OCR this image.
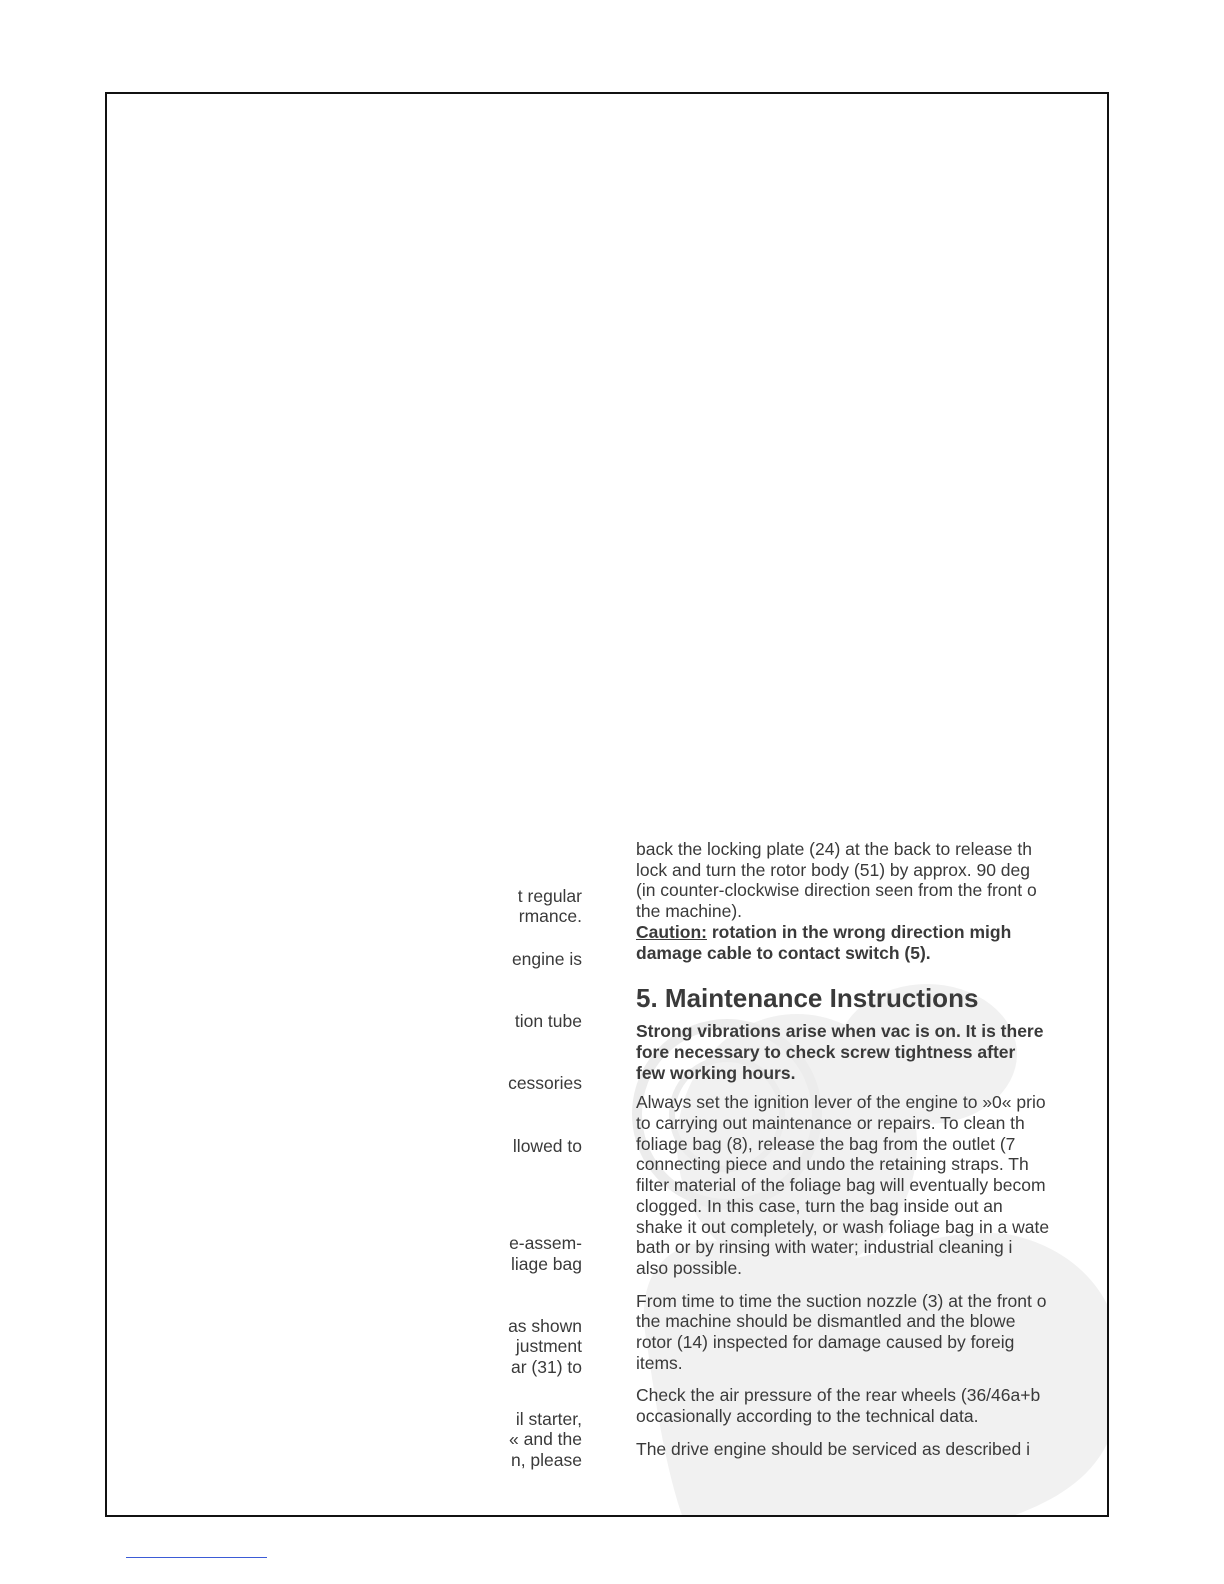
t regular
rmance.
engine is
tion tube
cessories
llowed to
e-assem-
liage bag
as shown
justment
ar (31) to
il starter,
« and the
n, please

back the locking plate (24) at the back to release th

lock and turn the rotor body (51) by approx. 90 deg

(in counter-clockwise direction seen from the front o

the machine).

Caution: rotation in the wrong direction migh

damage cable to contact switch (5).

5. Maintenance Instructions

Strong vibrations arise when vac is on. It is there

fore necessary to check screw tightness after

few working hours.

Always set the ignition lever of the engine to »0« prio

to carrying out maintenance or repairs. To clean th

foliage bag (8), release the bag from the outlet (7

connecting piece and undo the retaining straps. Th

filter material of the foliage bag will eventually becom

clogged. In this case, turn the bag inside out an

shake it out completely, or wash foliage bag in a wate

bath or by rinsing with water; industrial cleaning i

also possible.

From time to time the suction nozzle (3) at the front o

the machine should be dismantled and the blowe

rotor (14) inspected for damage caused by foreig

items.

Check the air pressure of the rear wheels (36/46a+b

occasionally according to the technical data.

The drive engine should be serviced as described i
